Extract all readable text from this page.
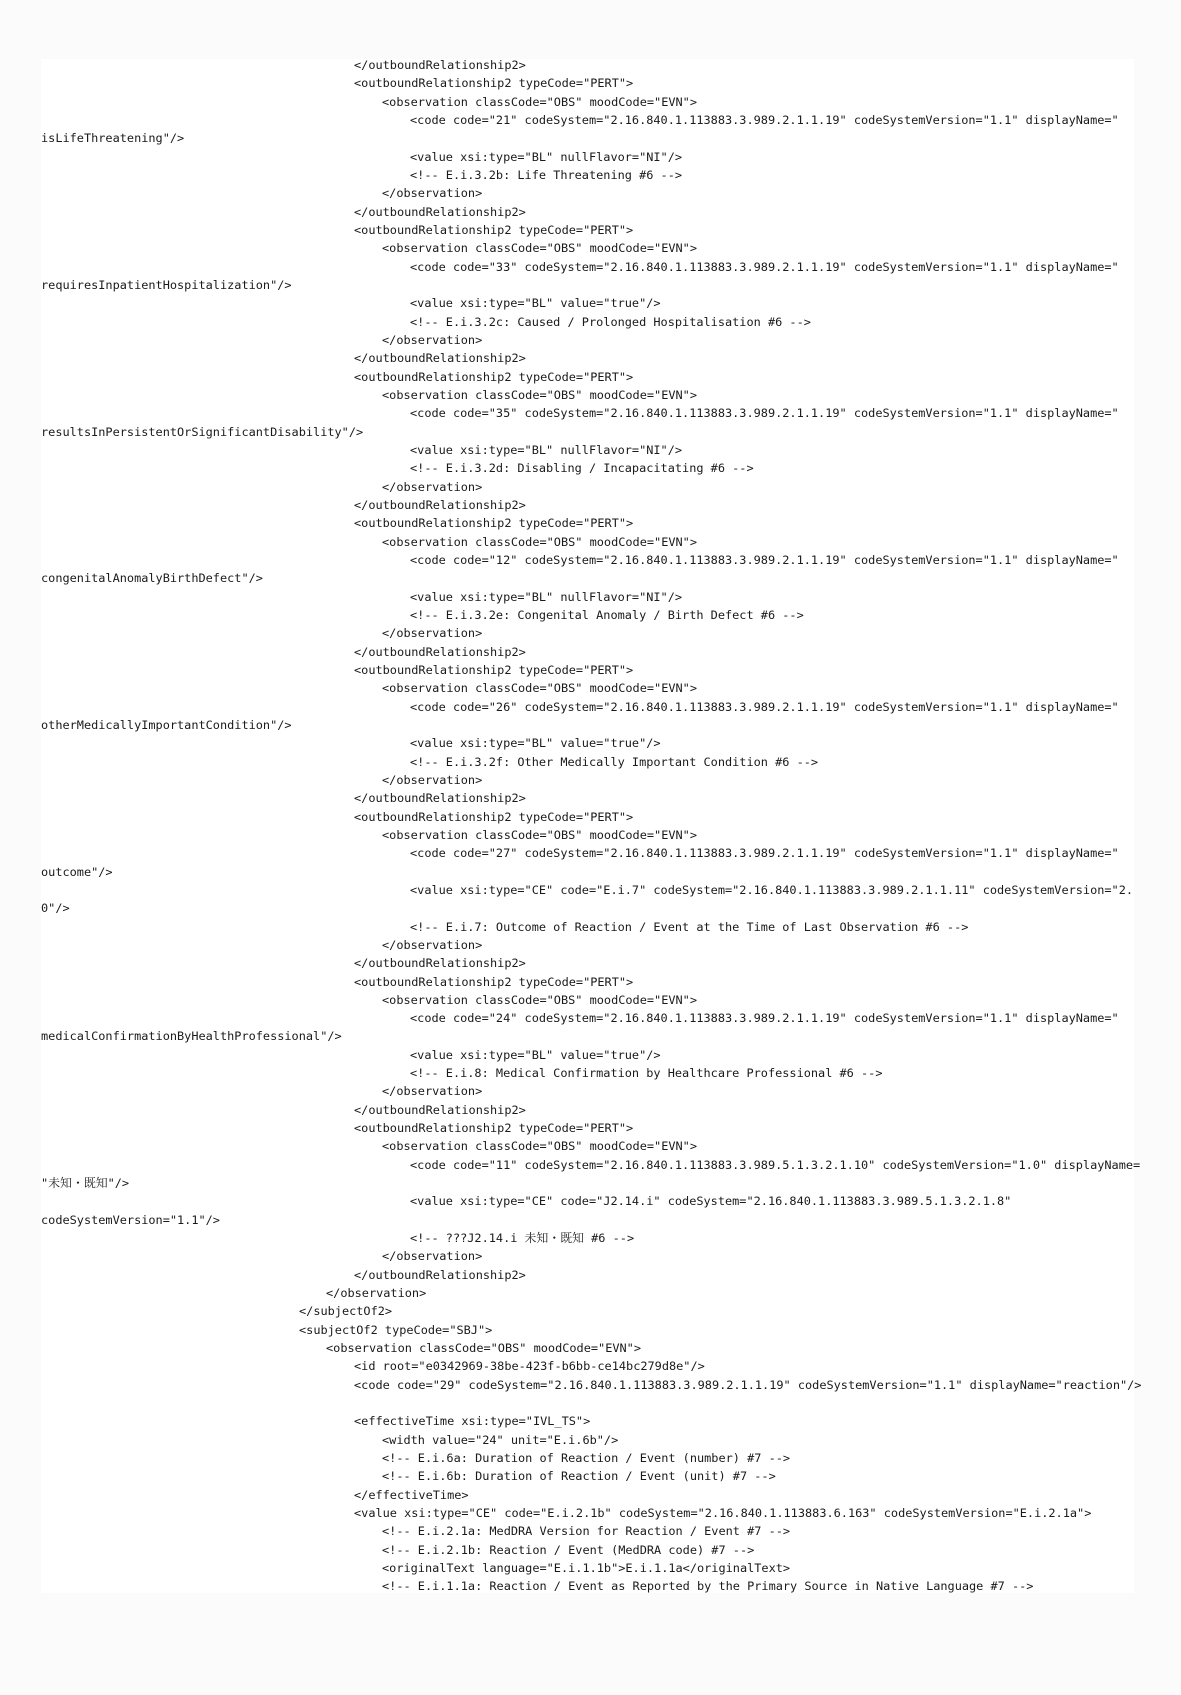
</outboundRelationship2>
<outboundRelationship2 typeCode="PERT">
<observation classCode="OBS" moodCode="EVN">
<code code="21" codeSystem="2.16.840.1.113883.3.989.2.1.1.19" codeSystemVersion="1.1" displayName="
isLifeThreatening"/>
<value xsi:type="BL" nullFlavor="NI"/>
<!-- E.i.3.2b: Life Threatening #6 -->
</observation>
</outboundRelationship2>
<outboundRelationship2 typeCode="PERT">
<observation classCode="OBS" moodCode="EVN">
<code code="33" codeSystem="2.16.840.1.113883.3.989.2.1.1.19" codeSystemVersion="1.1" displayName="
requiresInpatientHospitalization"/>
<value xsi:type="BL" value="true"/>
<!-- E.i.3.2c: Caused / Prolonged Hospitalisation #6 -->
</observation>
</outboundRelationship2>
<outboundRelationship2 typeCode="PERT">
<observation classCode="OBS" moodCode="EVN">
<code code="35" codeSystem="2.16.840.1.113883.3.989.2.1.1.19" codeSystemVersion="1.1" displayName="
resultsInPersistentOrSignificantDisability"/>
<value xsi:type="BL" nullFlavor="NI"/>
<!-- E.i.3.2d: Disabling / Incapacitating #6 -->
</observation>
</outboundRelationship2>
<outboundRelationship2 typeCode="PERT">
<observation classCode="OBS" moodCode="EVN">
<code code="12" codeSystem="2.16.840.1.113883.3.989.2.1.1.19" codeSystemVersion="1.1" displayName="
congenitalAnomalyBirthDefect"/>
<value xsi:type="BL" nullFlavor="NI"/>
<!-- E.i.3.2e: Congenital Anomaly / Birth Defect #6 -->
</observation>
</outboundRelationship2>
<outboundRelationship2 typeCode="PERT">
<observation classCode="OBS" moodCode="EVN">
<code code="26" codeSystem="2.16.840.1.113883.3.989.2.1.1.19" codeSystemVersion="1.1" displayName="
otherMedicallyImportantCondition"/>
<value xsi:type="BL" value="true"/>
<!-- E.i.3.2f: Other Medically Important Condition #6 -->
</observation>
</outboundRelationship2>
<outboundRelationship2 typeCode="PERT">
<observation classCode="OBS" moodCode="EVN">
<code code="27" codeSystem="2.16.840.1.113883.3.989.2.1.1.19" codeSystemVersion="1.1" displayName="
outcome"/>
<value xsi:type="CE" code="E.i.7" codeSystem="2.16.840.1.113883.3.989.2.1.1.11" codeSystemVersion="2.
0"/>
<!-- E.i.7: Outcome of Reaction / Event at the Time of Last Observation #6 -->
</observation>
</outboundRelationship2>
<outboundRelationship2 typeCode="PERT">
<observation classCode="OBS" moodCode="EVN">
<code code="24" codeSystem="2.16.840.1.113883.3.989.2.1.1.19" codeSystemVersion="1.1" displayName="
medicalConfirmationByHealthProfessional"/>
<value xsi:type="BL" value="true"/>
<!-- E.i.8: Medical Confirmation by Healthcare Professional #6 -->
</observation>
</outboundRelationship2>
<outboundRelationship2 typeCode="PERT">
<observation classCode="OBS" moodCode="EVN">
<code code="11" codeSystem="2.16.840.1.113883.3.989.5.1.3.2.1.10" codeSystemVersion="1.0" displayName=
"未知・既知"/>
<value xsi:type="CE" code="J2.14.i" codeSystem="2.16.840.1.113883.3.989.5.1.3.2.1.8"
codeSystemVersion="1.1"/>
<!-- ???J2.14.i 未知・既知 #6 -->
</observation>
</outboundRelationship2>
</observation>
</subjectOf2>
<subjectOf2 typeCode="SBJ">
<observation classCode="OBS" moodCode="EVN">
<id root="e0342969-38be-423f-b6bb-ce14bc279d8e"/>
<code code="29" codeSystem="2.16.840.1.113883.3.989.2.1.1.19" codeSystemVersion="1.1" displayName="reaction"/>
<effectiveTime xsi:type="IVL_TS">
<width value="24" unit="E.i.6b"/>
<!-- E.i.6a: Duration of Reaction / Event (number) #7 -->
<!-- E.i.6b: Duration of Reaction / Event (unit) #7 -->
</effectiveTime>
<value xsi:type="CE" code="E.i.2.1b" codeSystem="2.16.840.1.113883.6.163" codeSystemVersion="E.i.2.1a">
<!-- E.i.2.1a: MedDRA Version for Reaction / Event #7 -->
<!-- E.i.2.1b: Reaction / Event (MedDRA code) #7 -->
<originalText language="E.i.1.1b">E.i.1.1a</originalText>
<!-- E.i.1.1a: Reaction / Event as Reported by the Primary Source in Native Language #7 -->
